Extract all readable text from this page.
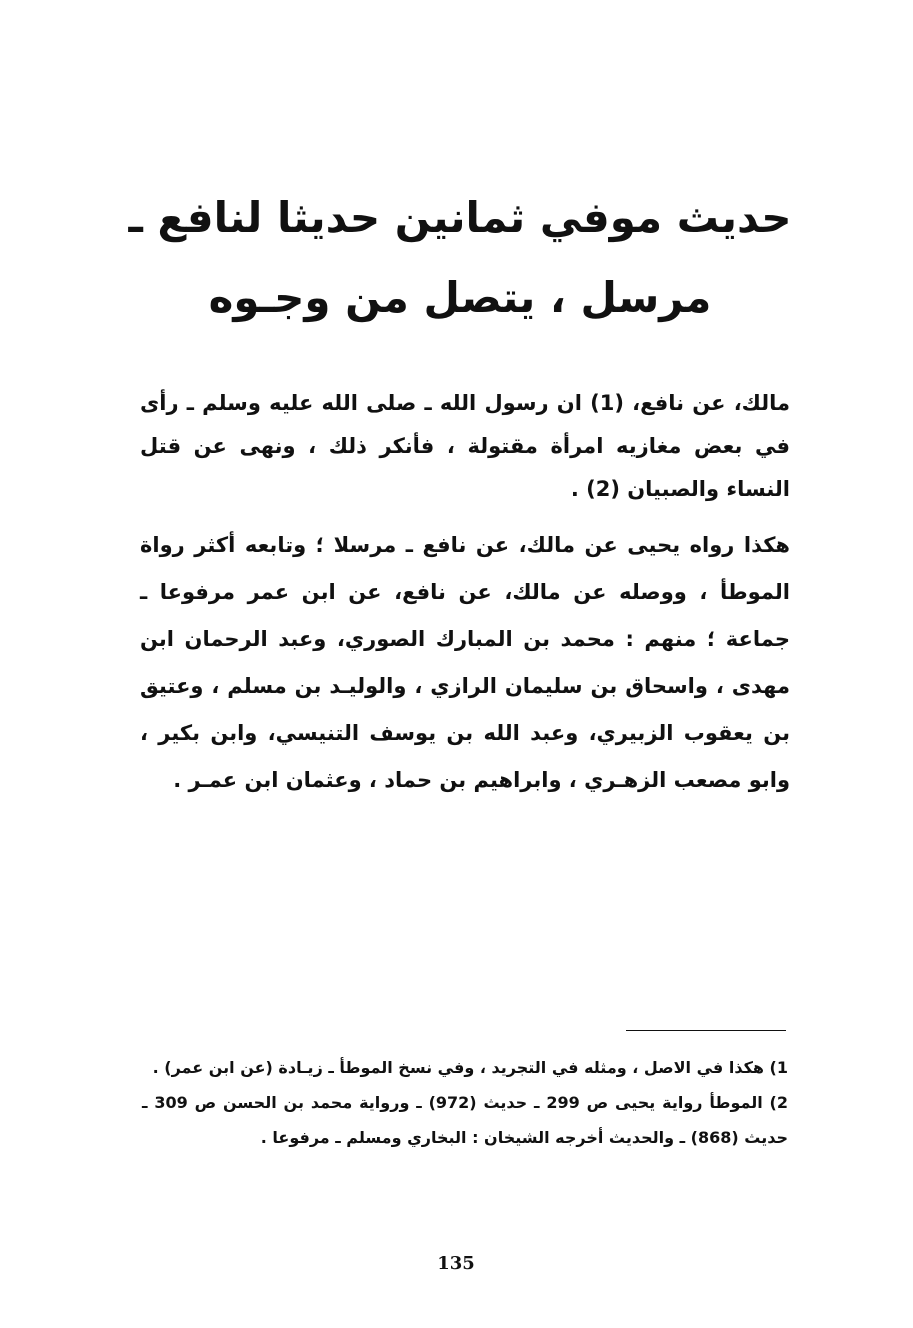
حديث موفي ثمانين حديثا لنافع ـ

مرسل ، يتصل من وجـوه

مالك، عن نافع، (1) ان رسول الله ـ صلى الله عليه وسلم ـ رأى في بعض مغازيه امرأة مقتولة ، فأنكر ذلك ، ونهى عن قتل النساء والصبيان (2) .

هكذا رواه يحيى عن مالك، عن نافع ـ مرسلا ؛ وتابعه أكثر رواة الموطأ ، ووصله عن مالك، عن نافع، عن ابن عمر مرفوعا ـ جماعة ؛ منهم : محمد بن المبارك الصوري، وعبد الرحمان ابن مهدى ، واسحاق بن سليمان الرازي ، والوليـد بن مسلم ، وعتيق بن يعقوب الزبيري، وعبد الله بن يوسف التنيسي، وابن بكير ، وابو مصعب الزهـري ، وابراهيم بن حماد ، وعثمان ابن عمـر .

1) هكذا في الاصل ، ومثله في التجريد ، وفي نسخ الموطأ ـ زيـادة (عن ابن عمر) .

2) الموطأ رواية يحيى ص 299 ـ حديث (972) ـ ورواية محمد بن الحسن ص 309 ـ حديث (868) ـ والحديث أخرجه الشيخان : البخاري ومسلم ـ مرفوعا .

135
